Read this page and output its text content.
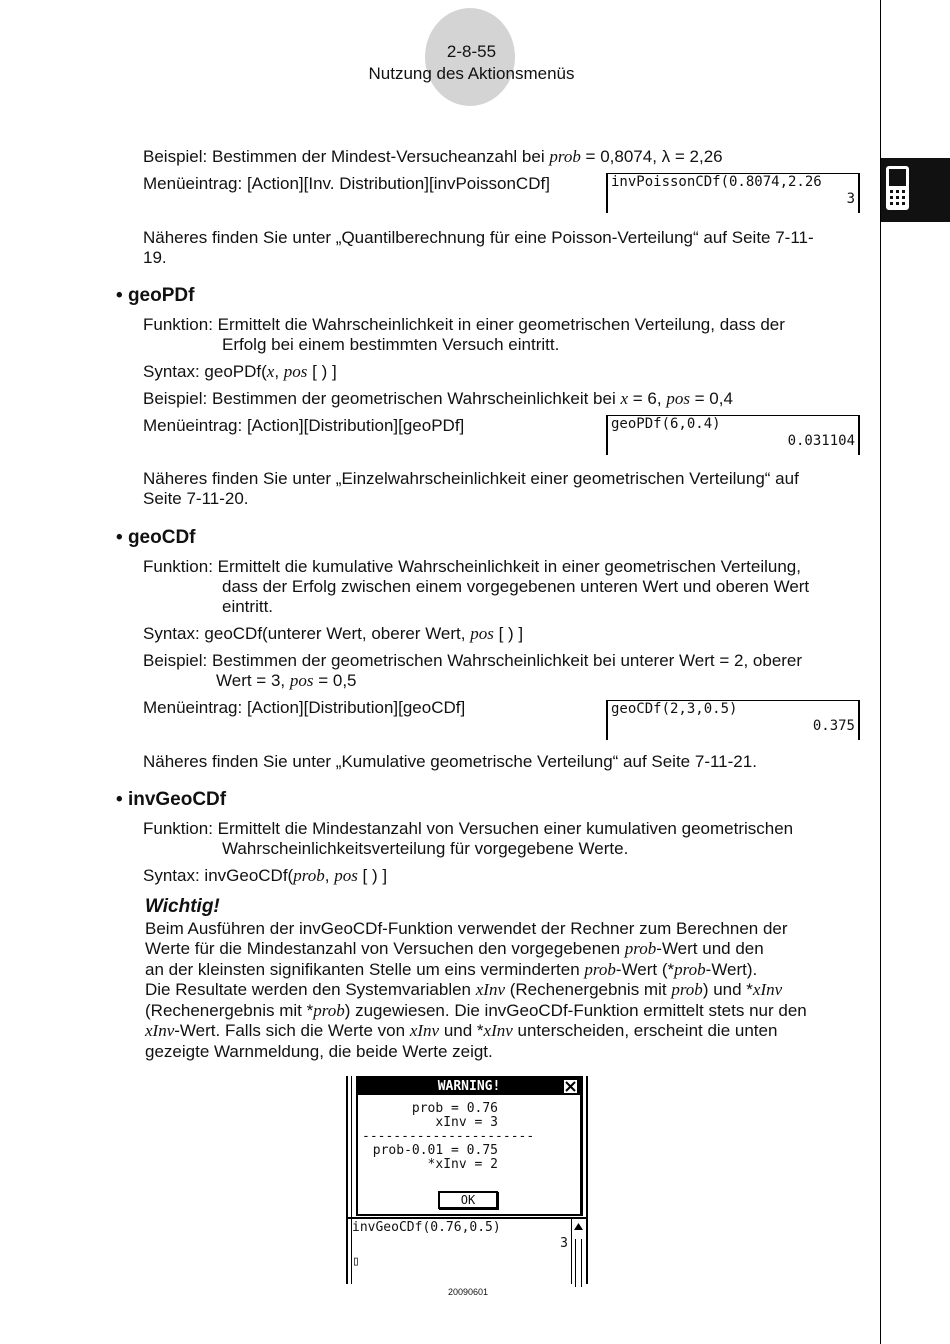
2-8-55
Nutzung des Aktionsmenüs
Beispiel: Bestimmen der Mindest-Versucheanzahl bei prob = 0,8074, λ = 2,26
Menüeintrag: [Action][Inv. Distribution][invPoissonCDf]	invPoissonCDf(0.8074,2.26
3
Näheres finden Sie unter „Quantilberechnung für eine Poisson-Verteilung“ auf Seite 7-11-
19.
• geoPDf
Funktion: Ermittelt die Wahrscheinlichkeit in einer geometrischen Verteilung, dass der
Erfolg bei einem bestimmten Versuch eintritt.
Syntax: geoPDf(x, pos [ ) ]
Beispiel: Bestimmen der geometrischen Wahrscheinlichkeit bei x = 6, pos = 0,4
Menüeintrag: [Action][Distribution][geoPDf]	geoPDf(6,0.4)
0.031104
Näheres finden Sie unter „Einzelwahrscheinlichkeit einer geometrischen Verteilung“ auf
Seite 7-11-20.
• geoCDf
Funktion: Ermittelt die kumulative Wahrscheinlichkeit in einer geometrischen Verteilung,
dass der Erfolg zwischen einem vorgegebenen unteren Wert und oberen Wert
eintritt.
Syntax: geoCDf(unterer Wert, oberer Wert, pos [ ) ]
Beispiel: Bestimmen der geometrischen Wahrscheinlichkeit bei unterer Wert = 2, oberer
Wert = 3, pos = 0,5
Menüeintrag: [Action][Distribution][geoCDf]	geoCDf(2,3,0.5)
0.375
Näheres finden Sie unter „Kumulative geometrische Verteilung“ auf Seite 7-11-21.
• invGeoCDf
Funktion: Ermittelt die Mindestanzahl von Versuchen einer kumulativen geometrischen
Wahrscheinlichkeitsverteilung für vorgegebene Werte.
Syntax: invGeoCDf(prob, pos [ ) ]
Wichtig!
Beim Ausführen der invGeoCDf-Funktion verwendet der Rechner zum Berechnen der
Werte für die Mindestanzahl von Versuchen den vorgegebenen prob-Wert und den
an der kleinsten signifikanten Stelle um eins verminderten prob-Wert (*prob-Wert).
Die Resultate werden den Systemvariablen xInv (Rechenergebnis mit prob) und *xInv
(Rechenergebnis mit *prob) zugewiesen. Die invGeoCDf-Funktion ermittelt stets nur den
xInv-Wert. Falls sich die Werte von xInv und *xInv unterscheiden, erscheint die unten
gezeigte Warnmeldung, die beide Werte zeigt.
WARNING!
prob = 0.76
xInv = 3
----------------------
prob-0.01 = 0.75
*xInv = 2
OK
invGeoCDf(0.76,0.5)
3
▯
20090601
